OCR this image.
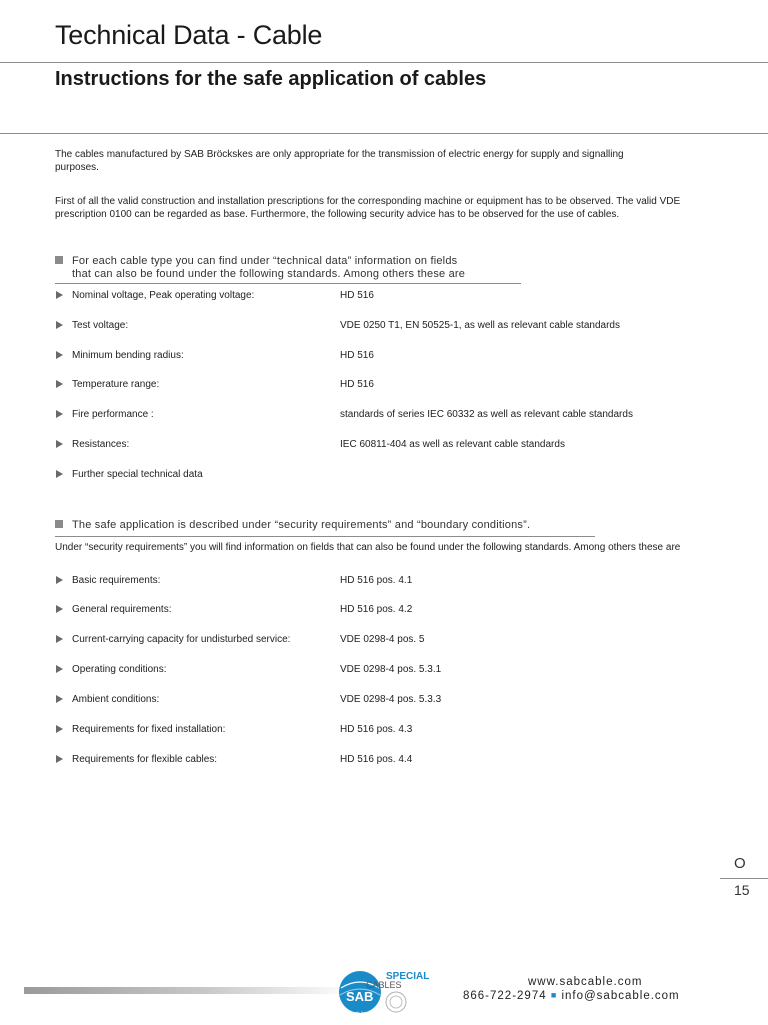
Technical Data - Cable
Instructions for the safe application of cables
The cables manufactured by SAB Bröckskes are only appropriate for the transmission of electric energy for supply and signalling purposes.
First of all the valid construction and installation prescriptions for the corresponding machine or equipment has to be observed. The valid VDE prescription 0100 can be regarded as base. Furthermore, the following security advice has to be observed for the use of cables.
For each cable type you can find under “technical data” information on fields
that can also be found under the following standards. Among others these are
Nominal voltage, Peak operating voltage:	HD 516
Test voltage:	VDE 0250 T1, EN 50525-1, as well as relevant cable standards
Minimum bending radius:	HD 516
Temperature range:	HD 516
Fire performance :	standards of series IEC 60332 as well as relevant cable standards
Resistances:	IEC 60811-404 as well as relevant cable standards
Further special technical data
The safe application is described under “security requirements” and “boundary conditions”.
Under “security requirements” you will find information on fields that can also be found under the following standards. Among others these are
Basic requirements:	HD 516 pos. 4.1
General requirements:	HD 516 pos. 4.2
Current-carrying capacity for undisturbed service:	VDE 0298-4 pos. 5
Operating conditions:	VDE 0298-4 pos. 5.3.1
Ambient conditions:	VDE 0298-4 pos. 5.3.3
Requirements for fixed installation:	HD 516 pos. 4.3
Requirements for flexible cables:	HD 516 pos. 4.4
O
15
SPECIAL
CABLES
SAB
North America
www.sabcable.com
866-722-2974 ■ info@sabcable.com
